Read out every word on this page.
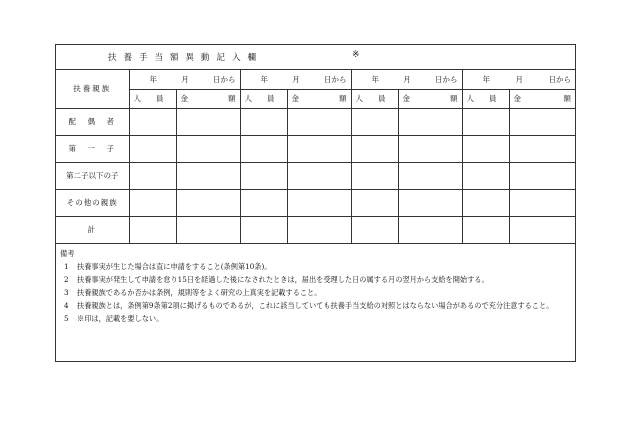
扶養手当額異動記入欄	※
扶養親族	年 月 日から		年 月 日から		年 月 日から		年 月 日から	

	人　　員	金 額	人　　員	金 額	人　　員	金 額	人　　員	金 額

配　偶　者								
第　一　子								
第二子以下の子								
その他の親族								
計								
備考
1	扶養事実が生じた場合は直に申請をすること(条例第10条)。
2	扶養事実が発生して申請を怠り15日を経過した後になされたときは，届出を受理した日の属する月の翌月から支給を開始する。
3	扶養親族であるか否かは条例，規則等をよく研究の上真実を記載すること。
4	扶養親族とは，条例第9条第2項に掲げるものであるが，これに該当していても扶養手当支給の対照とはならない場合があるので充分注意すること。
5	※印は，記載を要しない。
